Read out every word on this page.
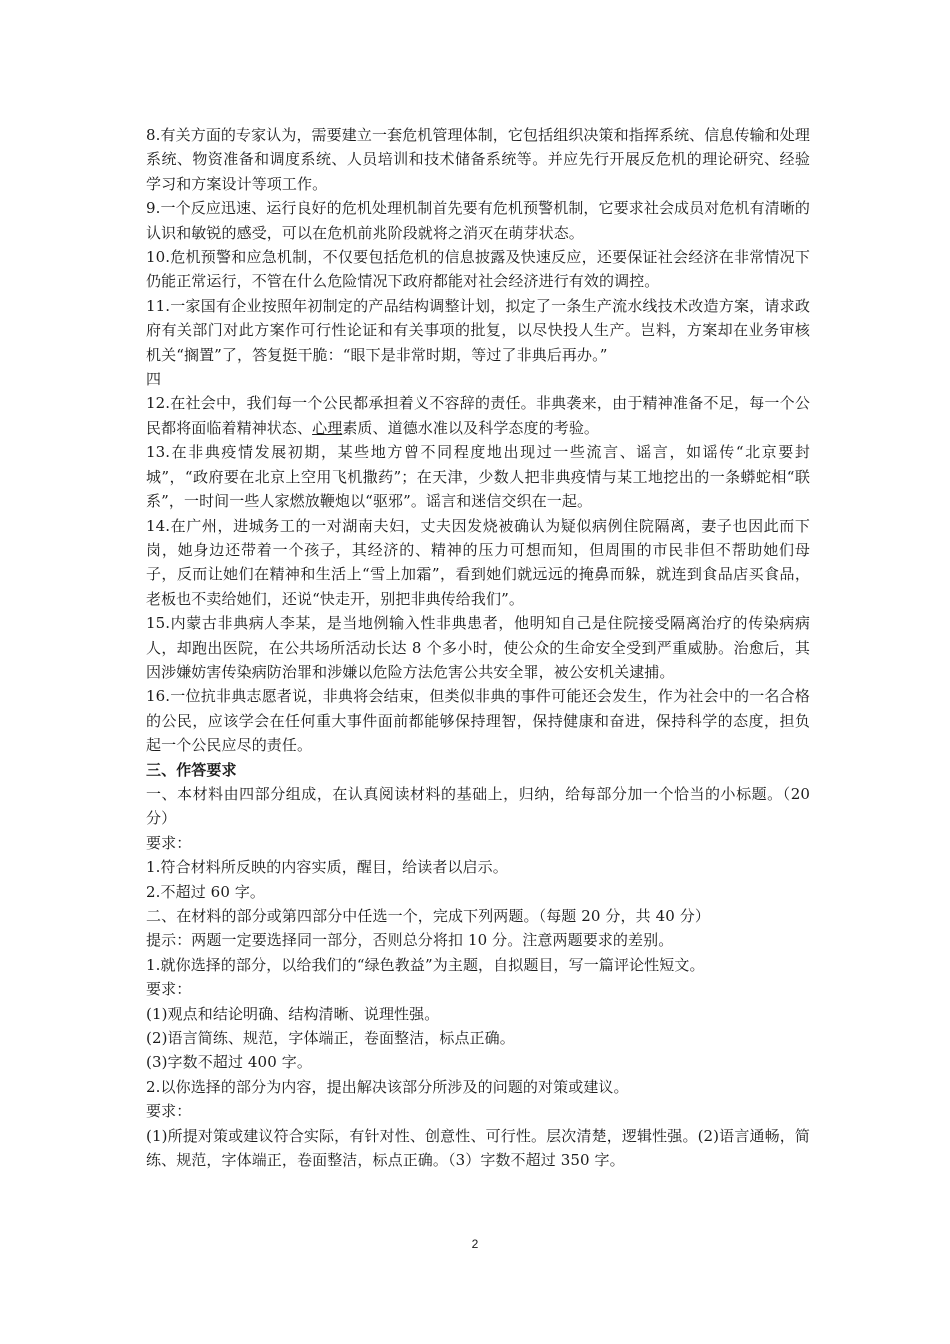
8.有关方面的专家认为，需要建立一套危机管理体制，它包括组织决策和指挥系统、信息传输和处理系统、物资准备和调度系统、人员培训和技术储备系统等。并应先行开展反危机的理论研究、经验学习和方案设计等项工作。

9.一个反应迅速、运行良好的危机处理机制首先要有危机预警机制，它要求社会成员对危机有清晰的认识和敏锐的感受，可以在危机前兆阶段就将之消灭在萌芽状态。

10.危机预警和应急机制，不仅要包括危机的信息披露及快速反应，还要保证社会经济在非常情况下仍能正常运行，不管在什么危险情况下政府都能对社会经济进行有效的调控。

11.一家国有企业按照年初制定的产品结构调整计划，拟定了一条生产流水线技术改造方案，请求政府有关部门对此方案作可行性论证和有关事项的批复，以尽快投人生产。岂料，方案却在业务审核机关“搁置”了，答复挺干脆：“眼下是非常时期，等过了非典后再办。”

四

12.在社会中，我们每一个公民都承担着义不容辞的责任。非典袭来，由于精神准备不足，每一个公民都将面临着精神状态、心理素质、道德水准以及科学态度的考验。

13.在非典疫情发展初期，某些地方曾不同程度地出现过一些流言、谣言，如谣传“北京要封城”，“政府要在北京上空用飞机撒药”；在天津，少数人把非典疫情与某工地挖出的一条蟒蛇相“联系”，一时间一些人家燃放鞭炮以“驱邪”。谣言和迷信交织在一起。

14.在广州，进城务工的一对湖南夫妇，丈夫因发烧被确认为疑似病例住院隔离，妻子也因此而下岗，她身边还带着一个孩子，其经济的、精神的压力可想而知，但周围的市民非但不帮助她们母子，反而让她们在精神和生活上“雪上加霜”，看到她们就远远的掩鼻而躲，就连到食品店买食品，老板也不卖给她们，还说“快走开，别把非典传给我们”。

15.内蒙古非典病人李某，是当地例输入性非典患者，他明知自己是住院接受隔离治疗的传染病病人，却跑出医院，在公共场所活动长达 8 个多小时，使公众的生命安全受到严重威胁。治愈后，其因涉嫌妨害传染病防治罪和涉嫌以危险方法危害公共安全罪，被公安机关逮捕。

16.一位抗非典志愿者说，非典将会结束，但类似非典的事件可能还会发生，作为社会中的一名合格的公民，应该学会在任何重大事件面前都能够保持理智，保持健康和奋进，保持科学的态度，担负起一个公民应尽的责任。

三、作答要求

一、本材料由四部分组成，在认真阅读材料的基础上，归纳，给每部分加一个恰当的小标题。（20 分）

要求：

1.符合材料所反映的内容实质，醒目，给读者以启示。

2.不超过 60 字。

二、在材料的部分或第四部分中任选一个，完成下列两题。（每题 20 分，共 40 分）

提示：两题一定要选择同一部分，否则总分将扣 10 分。注意两题要求的差别。

1.就你选择的部分，以给我们的“绿色教益”为主题，自拟题目，写一篇评论性短文。

要求：

(1)观点和结论明确、结构清晰、说理性强。

(2)语言简练、规范，字体端正，卷面整洁，标点正确。

(3)字数不超过 400 字。

2.以你选择的部分为内容，提出解决该部分所涉及的问题的对策或建议。

要求：

(1)所提对策或建议符合实际，有针对性、创意性、可行性。层次清楚，逻辑性强。(2)语言通畅，简练、规范，字体端正，卷面整洁，标点正确。（3）字数不超过 350 字。

2
